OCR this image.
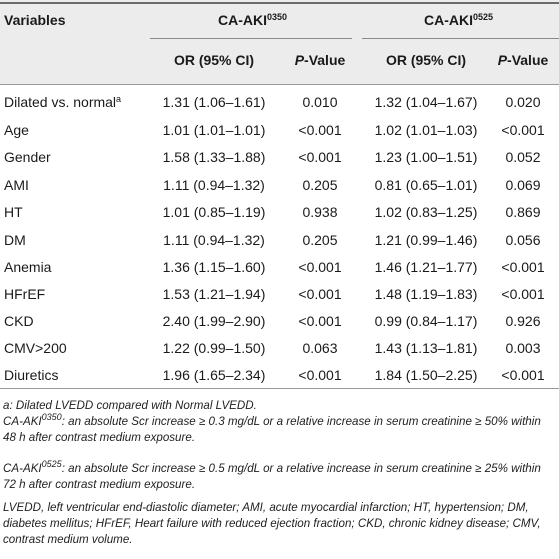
Variables	$CA-AKI^{0350}$	$CA-AKI^{0525}$
OR (95% CI)	P-Value	OR (95% CI)	P-Value
Dilated vs. normal$^a$	1.31 (1.06–1.61)	0.010	1.32 (1.04–1.67)	0.020
Age	1.01 (1.01–1.01)	<0.001	1.02 (1.01–1.03)	<0.001
Gender	1.58 (1.33–1.88)	<0.001	1.23 (1.00–1.51)	0.052
AMI	1.11 (0.94–1.32)	0.205	0.81 (0.65–1.01)	0.069
HT	1.01 (0.85–1.19)	0.938	1.02 (0.83–1.25)	0.869
DM	1.11 (0.94–1.32)	0.205	1.21 (0.99–1.46)	0.056
Anemia	1.36 (1.15–1.60)	<0.001	1.46 (1.21–1.77)	<0.001
HFrEF	1.53 (1.21–1.94)	<0.001	1.48 (1.19–1.83)	<0.001
CKD	2.40 (1.99–2.90)	<0.001	0.99 (0.84–1.17)	0.926
CMV>200	1.22 (0.99–1.50)	0.063	1.43 (1.13–1.81)	0.003
Diuretics	1.96 (1.65–2.34)	<0.001	1.84 (1.50–2.25)	<0.001
a: Dilated LVEDD compared with Normal LVEDD.
$CA-AKI^{0350}$: an absolute Scr increase ≥ 0.3 mg/dL or a relative increase in serum creatinine ≥ 50% within 48 h after contrast medium exposure.
$CA-AKI^{0525}$: an absolute Scr increase ≥ 0.5 mg/dL or a relative increase in serum creatinine ≥ 25% within 72 h after contrast medium exposure.
LVEDD, left ventricular end-diastolic diameter; AMI, acute myocardial infarction; HT, hypertension; DM, diabetes mellitus; HFrEF, Heart failure with reduced ejection fraction; CKD, chronic kidney disease; CMV, contrast medium volume.
